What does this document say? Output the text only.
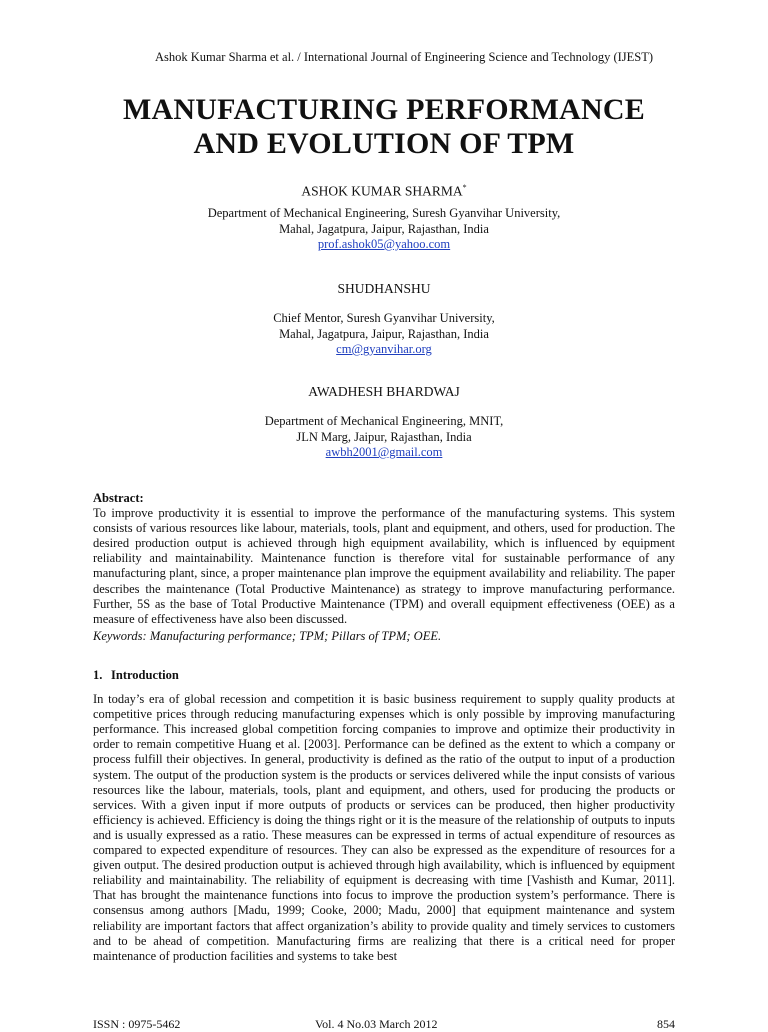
Ashok Kumar Sharma et al. / International Journal of Engineering Science and Technology (IJEST)
MANUFACTURING PERFORMANCE
AND EVOLUTION OF TPM
ASHOK KUMAR SHARMA*
Department of Mechanical Engineering, Suresh Gyanvihar University,
Mahal, Jagatpura, Jaipur, Rajasthan, India
prof.ashok05@yahoo.com
SHUDHANSHU
Chief Mentor, Suresh Gyanvihar University,
Mahal, Jagatpura, Jaipur, Rajasthan, India
cm@gyanvihar.org
AWADHESH BHARDWAJ
Department of Mechanical Engineering, MNIT,
JLN Marg, Jaipur, Rajasthan, India
awbh2001@gmail.com
Abstract:
To improve productivity it is essential to improve the performance of the manufacturing systems. This system consists of various resources like labour, materials, tools, plant and equipment, and others, used for production. The desired production output is achieved through high equipment availability, which is influenced by equipment reliability and maintainability. Maintenance function is therefore vital for sustainable performance of any manufacturing plant, since, a proper maintenance plan improve the equipment availability and reliability. The paper describes the maintenance (Total Productive Maintenance) as strategy to improve manufacturing performance. Further, 5S as the base of Total Productive Maintenance (TPM) and overall equipment effectiveness (OEE) as a measure of effectiveness have also been discussed.
Keywords: Manufacturing performance; TPM; Pillars of TPM; OEE.
1. Introduction
In today’s era of global recession and competition it is basic business requirement to supply quality products at competitive prices through reducing manufacturing expenses which is only possible by improving manufacturing performance. This increased global competition forcing companies to improve and optimize their productivity in order to remain competitive Huang et al. [2003]. Performance can be defined as the extent to which a company or process fulfill their objectives. In general, productivity is defined as the ratio of the output to input of a production system. The output of the production system is the products or services delivered while the input consists of various resources like the labour, materials, tools, plant and equipment, and others, used for producing the products or services. With a given input if more outputs of products or services can be produced, then higher productivity efficiency is achieved. Efficiency is doing the things right or it is the measure of the relationship of outputs to inputs and is usually expressed as a ratio. These measures can be expressed in terms of actual expenditure of resources as compared to expected expenditure of resources. They can also be expressed as the expenditure of resources for a given output. The desired production output is achieved through high availability, which is influenced by equipment reliability and maintainability. The reliability of equipment is decreasing with time [Vashisth and Kumar, 2011]. That has brought the maintenance functions into focus to improve the production system’s performance. There is consensus among authors [Madu, 1999; Cooke, 2000; Madu, 2000] that equipment maintenance and system reliability are important factors that affect organization’s ability to provide quality and timely services to customers and to be ahead of competition. Manufacturing firms are realizing that there is a critical need for proper maintenance of production facilities and systems to take best
ISSN : 0975-5462	Vol. 4 No.03 March 2012	854
